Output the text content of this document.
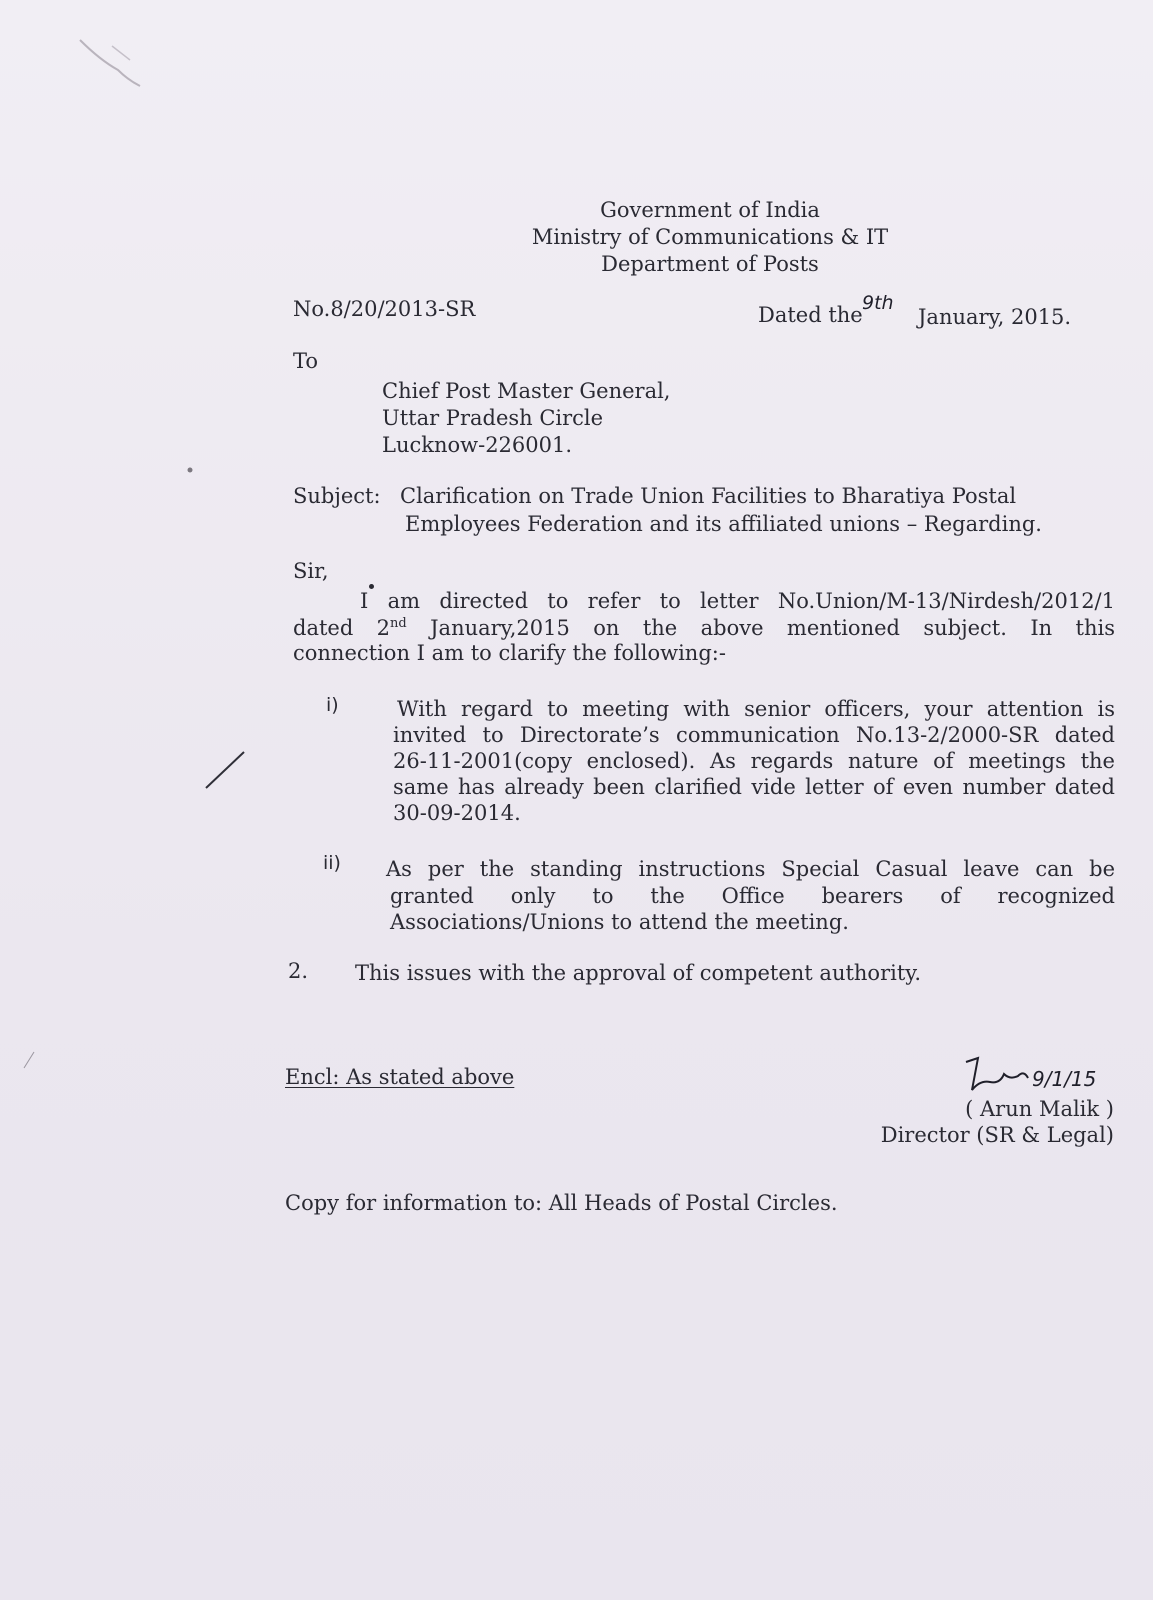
Government of India
Ministry of Communications & IT
Department of Posts
No.8/20/2013-SR	Dated the 9th
January, 2015.
To
Chief Post Master General,
Uttar Pradesh Circle
Lucknow-226001.
Subject: Clarification on Trade Union Facilities to Bharatiya Postal
Employees Federation and its affiliated unions – Regarding.
Sir,
I am directed to refer to letter No.Union/M-13/Nirdesh/2012/1
dated 2nd January,2015 on the above mentioned subject. In this
connection I am to clarify the following:-
i)	With regard to meeting with senior officers, your attention is
invited to Directorate’s communication No.13-2/2000-SR dated
26-11-2001(copy enclosed). As regards nature of meetings the
same has already been clarified vide letter of even number dated
30-09-2014.
ii) As per the standing instructions Special Casual leave can be
granted only to the Office bearers of recognized
Associations/Unions to attend the meeting.
2. This issues with the approval of competent authority.
Encl: As stated above	9/1/15
( Arun Malik )
Director (SR & Legal)
Copy for information to: All Heads of Postal Circles.
